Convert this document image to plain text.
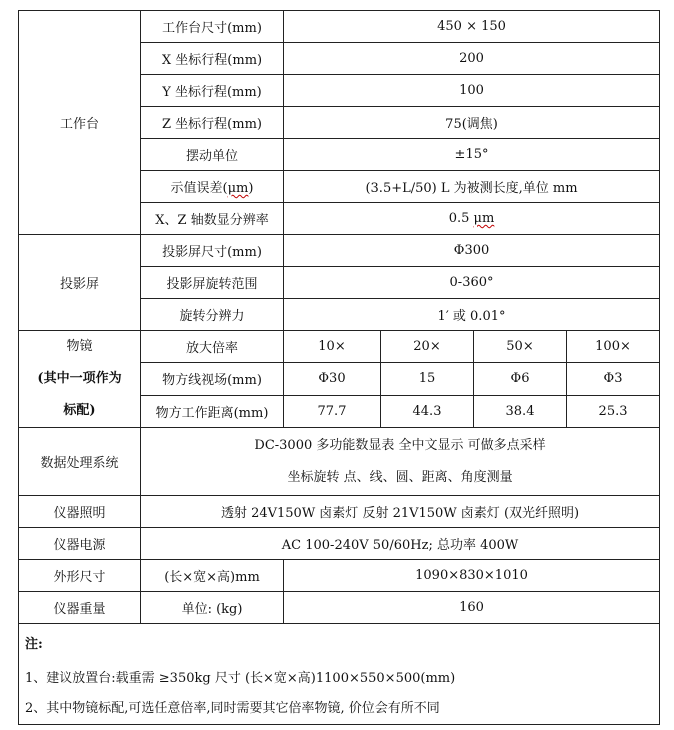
工作台	工作台尺寸(mm)	450 × 150			
	X 坐标行程(mm)	200			
	Y 坐标行程(mm)	100			
	Z 坐标行程(mm)	75(调焦)			
	摆动单位	±15°			
	示值误差(μm)	(3.5+L/50) L 为被测长度,单位 mm			
	X、Z 轴数显分辨率	0.5 μm			
投影屏	投影屏尺寸(mm)	Φ300			
	投影屏旋转范围	0-360°			
	旋转分辨力	1′ 或 0.01°			

物镜
(其中一项作为
标配)	放大倍率	10×	20×	50×	100×
	物方线视场(mm)	Φ30	15	Φ6	Φ3
	物方工作距离(mm)	77.7	44.3	38.4	25.3
数据处理系统	DC-3000 多功能数显表 全中文显示 可做多点采样
坐标旋转 点、线、圆、距离、角度测量				

仪器照明	透射 24V150W 卤素灯 反射 21V150W 卤素灯 (双光纤照明)				
仪器电源	AC 100-240V 50/60Hz; 总功率 400W				
外形尺寸	(长×宽×高)mm	1090×830×1010			
仪器重量	单位: (kg)	160			

注:
1、建议放置台:载重需 ≥350kg 尺寸 (长×宽×高)1100×550×500(mm)
2、其中物镜标配,可选任意倍率,同时需要其它倍率物镜, 价位会有所不同					
